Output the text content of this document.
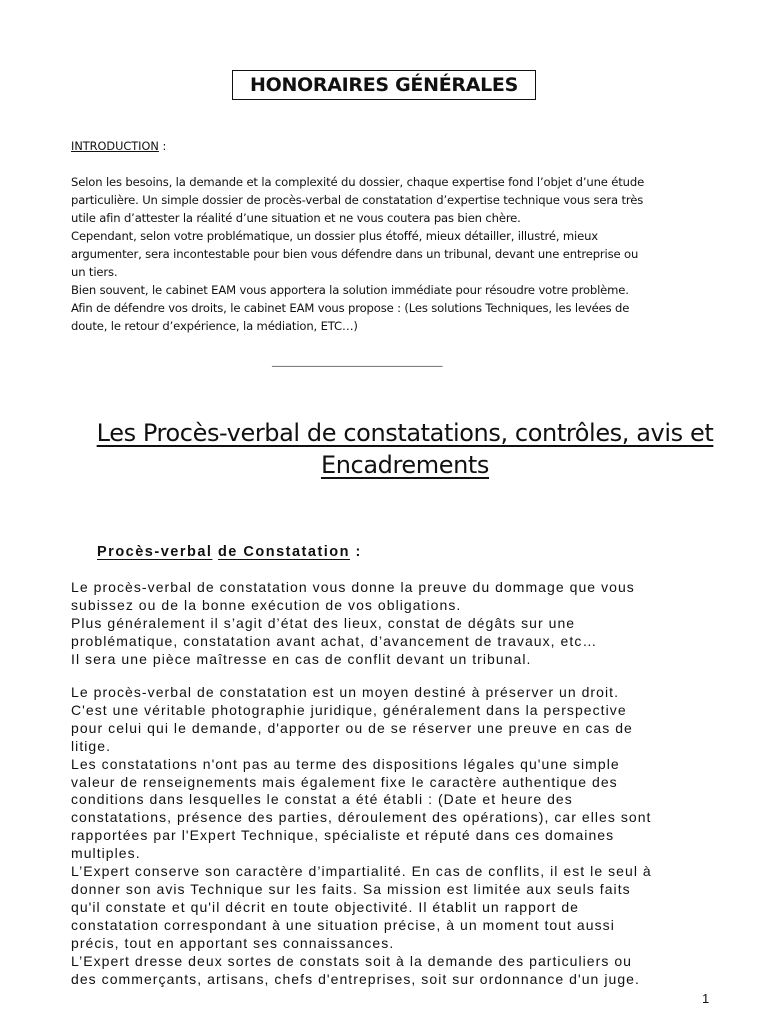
HONORAIRES GÉNÉRALES
INTRODUCTION :

Selon les besoins, la demande et la complexité du dossier, chaque expertise fond l’objet d’une étude

particulière. Un simple dossier de procès-verbal de constatation d’expertise technique vous sera très

utile afin d’attester la réalité d’une situation et ne vous coutera pas bien chère.

Cependant, selon votre problématique, un dossier plus étoffé, mieux détailler, illustré, mieux

argumenter, sera incontestable pour bien vous défendre dans un tribunal, devant une entreprise ou

un tiers.

Bien souvent, le cabinet EAM vous apportera la solution immédiate pour résoudre votre problème.

Afin de défendre vos droits, le cabinet EAM vous propose : (Les solutions Techniques, les levées de

doute, le retour d’expérience, la médiation, ETC…)

_______________________________
Les Procès-verbal de constatations, contrôles, avis et
Encadrements
Procès-verbal de Constatation :

Le procès-verbal de constatation vous donne la preuve du dommage que vous

subissez ou de la bonne exécution de vos obligations.

Plus généralement il s’agit d’état des lieux, constat de dégâts sur une

problématique, constatation avant achat, d’avancement de travaux, etc…

Il sera une pièce maîtresse en cas de conflit devant un tribunal.

Le procès-verbal de constatation est un moyen destiné à préserver un droit.

C'est une véritable photographie juridique, généralement dans la perspective

pour celui qui le demande, d'apporter ou de se réserver une preuve en cas de

litige.

Les constatations n'ont pas au terme des dispositions légales qu'une simple

valeur de renseignements mais également fixe le caractère authentique des

conditions dans lesquelles le constat a été établi : (Date et heure des

constatations, présence des parties, déroulement des opérations), car elles sont

rapportées par l'Expert Technique, spécialiste et réputé dans ces domaines

multiples.

L’Expert conserve son caractère d’impartialité. En cas de conflits, il est le seul à

donner son avis Technique sur les faits. Sa mission est limitée aux seuls faits

qu'il constate et qu'il décrit en toute objectivité. Il établit un rapport de

constatation correspondant à une situation précise, à un moment tout aussi

précis, tout en apportant ses connaissances.

L’Expert dresse deux sortes de constats soit à la demande des particuliers ou

des commerçants, artisans, chefs d'entreprises, soit sur ordonnance d'un juge.

1
